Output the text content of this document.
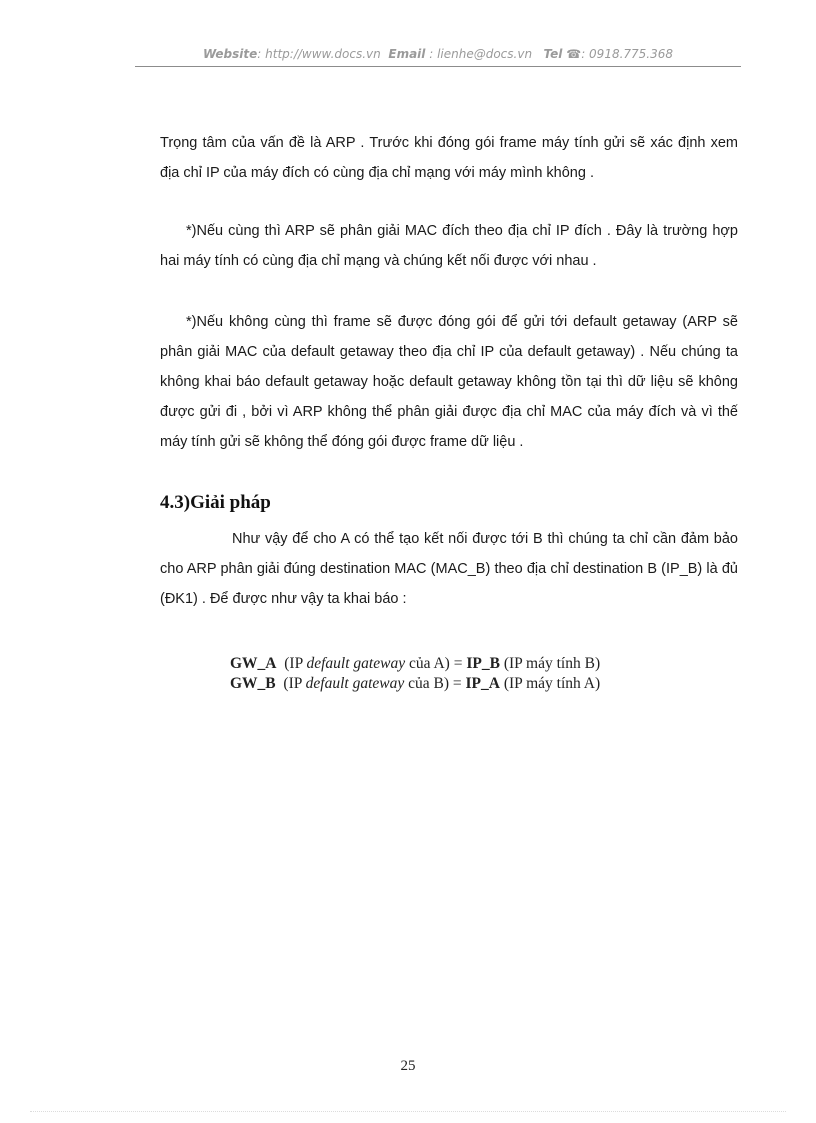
Website: http://www.docs.vn Email : lienhe@docs.vn Tel ☎: 0918.775.368
Trọng tâm của vấn đề là ARP . Trước khi đóng gói frame máy tính gửi sẽ xác định xem địa chỉ IP của máy đích có cùng địa chỉ mạng với máy mình không .
*)Nếu cùng thì ARP sẽ phân giải MAC đích theo địa chỉ IP đích . Đây là trường hợp hai máy tính có cùng địa chỉ mạng và chúng kết nối được với nhau .
*)Nếu không cùng thì frame sẽ được đóng gói để gửi tới default getaway (ARP sẽ phân giải MAC của default getaway theo địa chỉ IP của default getaway) . Nếu chúng ta không khai báo default getaway hoặc default getaway không tồn tại thì dữ liệu sẽ không được gửi đi , bởi vì ARP không thể phân giải được địa chỉ MAC của máy đích và vì thế máy tính gửi sẽ không thể đóng gói được frame dữ liệu .
4.3)Giải pháp
Như vậy để cho A có thể tạo kết nối được tới B thì chúng ta chỉ cần đảm bảo cho ARP phân giải đúng destination MAC (MAC_B) theo địa chỉ destination B (IP_B) là đủ (ĐK1) . Để được như vậy ta khai báo :
GW_A (IP default gateway của A) = IP_B (IP máy tính B)
GW_B (IP default gateway của B) = IP_A (IP máy tính A)
25
